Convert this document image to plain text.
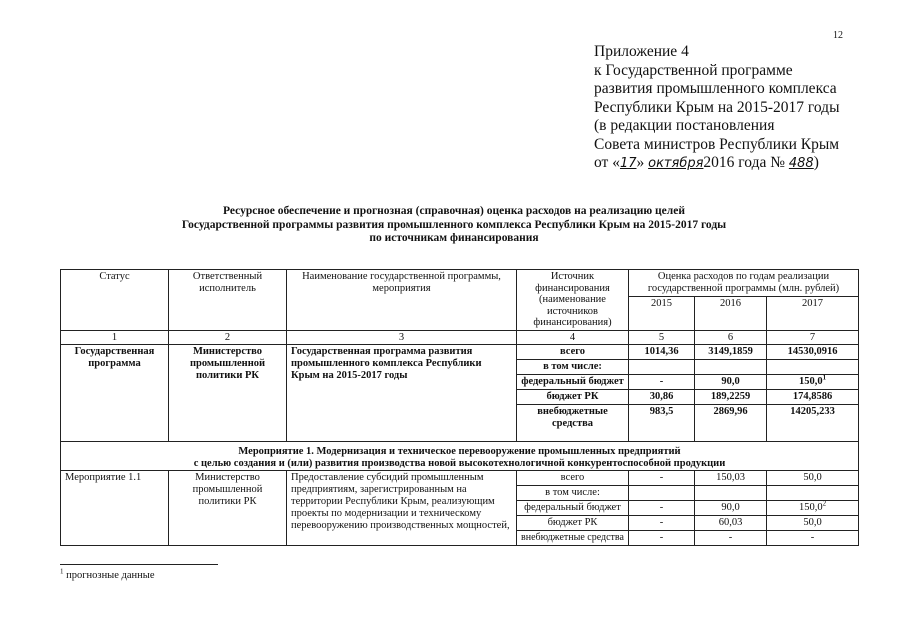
12
Приложение 4
к Государственной программе
развития промышленного комплекса
Республики Крым на 2015-2017 годы
(в редакции постановления
Совета министров Республики Крым
от «17» октября2016 года № 488)
Ресурсное обеспечение и прогнозная (справочная) оценка расходов на реализацию целей
Государственной программы развития промышленного комплекса Республики Крым на 2015-2017 годы
по источникам финансирования
Статус	Ответственный исполнитель	Наименование государственной программы, мероприятия	Источник финансирования (наименование источников финансирования)	Оценка расходов по годам реализации государственной программы (млн. рублей)		
				2015	2016	2017
1	2	3	4	5	6	7
Государственная программа	Министерство промышленной политики РК	Государственная программа развития промышленного комплекса Республики Крым на 2015-2017 годы	всего	1014,36	3149,1859	14530,0916
			в том числе:			
			федеральный бюджет	-	90,0	150,0$^1$
			бюджет РК	30,86	189,2259	174,8586
			внебюджетные средства	983,5	2869,96	14205,233

Мероприятие 1. Модернизация и техническое перевооружение промышленных предприятий
с целью создания и (или) развития производства новой высокотехнологичной конкурентоспособной продукции						

Мероприятие 1.1	Министерство промышленной политики РК	Предоставление субсидий промышленным предприятиям, зарегистрированным на территории Республики Крым, реализующим проекты по модернизации и техническому перевооружению производственных мощностей,	всего	-	150,03	50,0
			в том числе:			
			федеральный бюджет	-	90,0	150,0$^2$
			бюджет РК	-	60,03	50,0
			внебюджетные средства	-	-	-
$^1$ прогнозные данные
